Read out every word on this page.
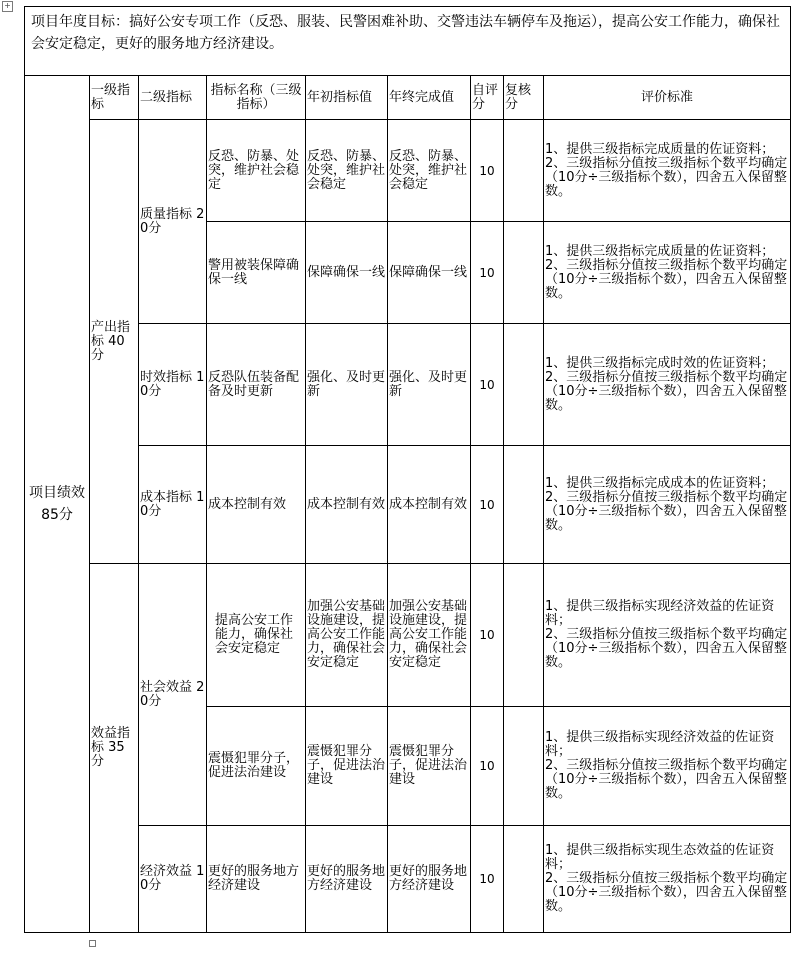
+
项目年度目标：搞好公安专项工作（反恐、服装、民警困难补助、交警违法车辆停车及拖运），提高公安工作能力，确保社会安定稳定，更好的服务地方经济建设。								

项目绩效
85分	一级指标	二级指标	指标名称（三级指标）	年初指标值	年终完成值	自评分	复核分	评价标准
	产出指标 40分	质量指标 20分	反恐、防暴、处突，维护社会稳定	反恐、防暴、处突，维护社会稳定	反恐、防暴、处突，维护社会稳定	10		1、提供三级指标完成质量的佐证资料；
2、三级指标分值按三级指标个数平均确定（10分÷三级指标个数），四舍五入保留整数。

			警用被装保障确保一线	保障确保一线	保障确保一线	10		1、提供三级指标完成质量的佐证资料；
2、三级指标分值按三级指标个数平均确定（10分÷三级指标个数），四舍五入保留整数。

		时效指标 10分	反恐队伍装备配备及时更新	强化、及时更新	强化、及时更新	10		1、提供三级指标完成时效的佐证资料；
2、三级指标分值按三级指标个数平均确定（10分÷三级指标个数），四舍五入保留整数。

		成本指标 10分	成本控制有效	成本控制有效	成本控制有效	10		1、提供三级指标完成成本的佐证资料；
2、三级指标分值按三级指标个数平均确定（10分÷三级指标个数），四舍五入保留整数。

	效益指标 35分	社会效益 20分	提高公安工作能力，确保社会安定稳定	加强公安基础设施建设，提高公安工作能力，确保社会安定稳定	加强公安基础设施建设，提高公安工作能力，确保社会安定稳定	10		1、提供三级指标实现经济效益的佐证资料；
2、三级指标分值按三级指标个数平均确定（10分÷三级指标个数），四舍五入保留整数。

			震慑犯罪分子，促进法治建设	震慑犯罪分子，促进法治建设	震慑犯罪分子，促进法治建设	10		1、提供三级指标实现经济效益的佐证资料；
2、三级指标分值按三级指标个数平均确定（10分÷三级指标个数），四舍五入保留整数。

		经济效益 10分	更好的服务地方经济建设	更好的服务地方经济建设	更好的服务地方经济建设	10		1、提供三级指标实现生态效益的佐证资料；
2、三级指标分值按三级指标个数平均确定（10分÷三级指标个数），四舍五入保留整数。
